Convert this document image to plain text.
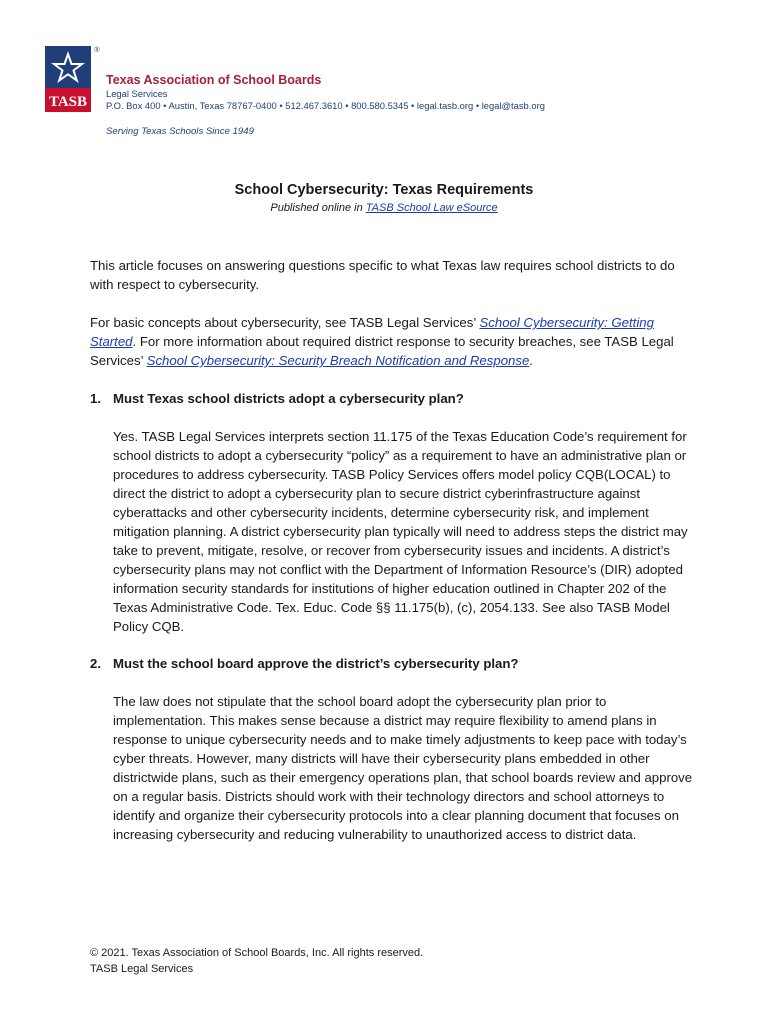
TASB
®
Texas Association of School Boards
Legal Services
P.O. Box 400 • Austin, Texas 78767-0400 • 512.467.3610 • 800.580.5345 • legal.tasb.org • legal@tasb.org
Serving Texas Schools Since 1949
School Cybersecurity: Texas Requirements
Published online in TASB School Law eSource
This article focuses on answering questions specific to what Texas law requires school districts to do with respect to cybersecurity.
For basic concepts about cybersecurity, see TASB Legal Services’ School Cybersecurity: Getting Started. For more information about required district response to security breaches, see TASB Legal Services’ School Cybersecurity: Security Breach Notification and Response.
1. Must Texas school districts adopt a cybersecurity plan?
Yes. TASB Legal Services interprets section 11.175 of the Texas Education Code’s requirement for school districts to adopt a cybersecurity “policy” as a requirement to have an administrative plan or procedures to address cybersecurity. TASB Policy Services offers model policy CQB(LOCAL) to direct the district to adopt a cybersecurity plan to secure district cyberinfrastructure against cyberattacks and other cybersecurity incidents, determine cybersecurity risk, and implement mitigation planning. A district cybersecurity plan typically will need to address steps the district may take to prevent, mitigate, resolve, or recover from cybersecurity issues and incidents. A district’s cybersecurity plans may not conflict with the Department of Information Resource’s (DIR) adopted information security standards for institutions of higher education outlined in Chapter 202 of the Texas Administrative Code. Tex. Educ. Code §§ 11.175(b), (c), 2054.133. See also TASB Model Policy CQB.
2. Must the school board approve the district’s cybersecurity plan?
The law does not stipulate that the school board adopt the cybersecurity plan prior to implementation. This makes sense because a district may require flexibility to amend plans in response to unique cybersecurity needs and to make timely adjustments to keep pace with today’s cyber threats. However, many districts will have their cybersecurity plans embedded in other districtwide plans, such as their emergency operations plan, that school boards review and approve on a regular basis. Districts should work with their technology directors and school attorneys to identify and organize their cybersecurity protocols into a clear planning document that focuses on increasing cybersecurity and reducing vulnerability to unauthorized access to district data.
© 2021. Texas Association of School Boards, Inc. All rights reserved.
TASB Legal Services
